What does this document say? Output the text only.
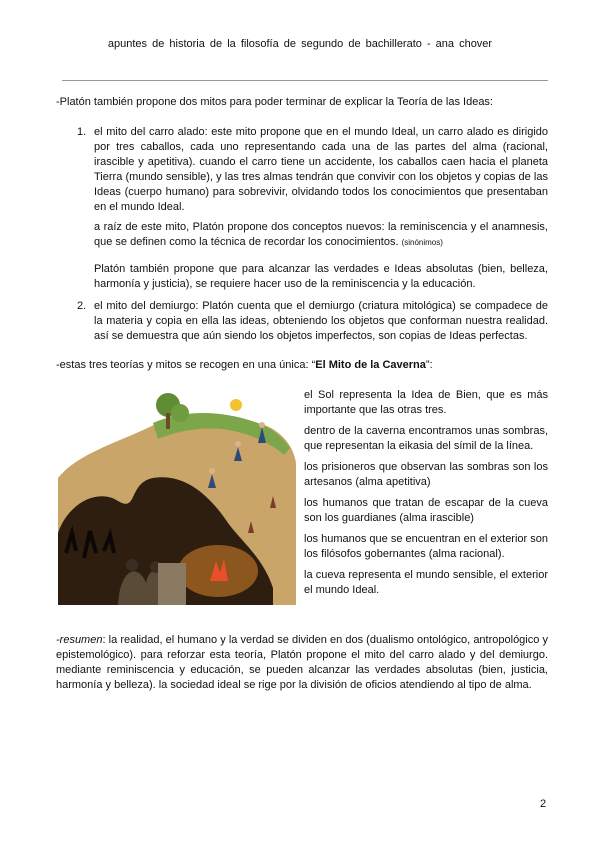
apuntes de historia de la filosofía de segundo de bachillerato - ana chover

-Platón también propone dos mitos para poder terminar de explicar la Teoría de las Ideas:

1. el mito del carro alado: este mito propone que en el mundo Ideal, un carro alado es dirigido por tres caballos, cada uno representando cada una de las partes del alma (racional, irascible y apetitiva). cuando el carro tiene un accidente, los caballos caen hacia el planeta Tierra (mundo sensible), y las tres almas tendrán que convivir con los objetos y copias de las Ideas (cuerpo humano) para sobrevivir, olvidando todos los conocimientos que presentaban en el mundo Ideal.

a raíz de este mito, Platón propone dos conceptos nuevos: la reminiscencia y el anamnesis, que se definen como la técnica de recordar los conocimientos. (sinónimos)

Platón también propone que para alcanzar las verdades e Ideas absolutas (bien, belleza, harmonía y justicia), se requiere hacer uso de la reminiscencia y la educación.

2. el mito del demiurgo: Platón cuenta que el demiurgo (criatura mitológica) se compadece de la materia y copia en ella las ideas, obteniendo los objetos que conforman nuestra realidad. así se demuestra que aún siendo los objetos imperfectos, son copias de Ideas perfectas.

-estas tres teorías y mitos se recogen en una única: “El Mito de la Caverna”:

el Sol representa la Idea de Bien, que es más importante que las otras tres.

dentro de la caverna encontramos unas sombras, que representan la eikasia del símil de la línea.

los prisioneros que observan las sombras son los artesanos (alma apetitiva)

los humanos que tratan de escapar de la cueva son los guardianes (alma irascible)

los humanos que se encuentran en el exterior son los filósofos gobernantes (alma racional).

la cueva representa el mundo sensible, el exterior el mundo Ideal.

-resumen: la realidad, el humano y la verdad se dividen en dos (dualismo ontológico, antropológico y epistemológico). para reforzar esta teoría, Platón propone el mito del carro alado y del demiurgo. mediante reminiscencia y educación, se pueden alcanzar las verdades absolutas (bien, justicia, harmonía y belleza). la sociedad ideal se rige por la división de oficios atendiendo al tipo de alma.

2
